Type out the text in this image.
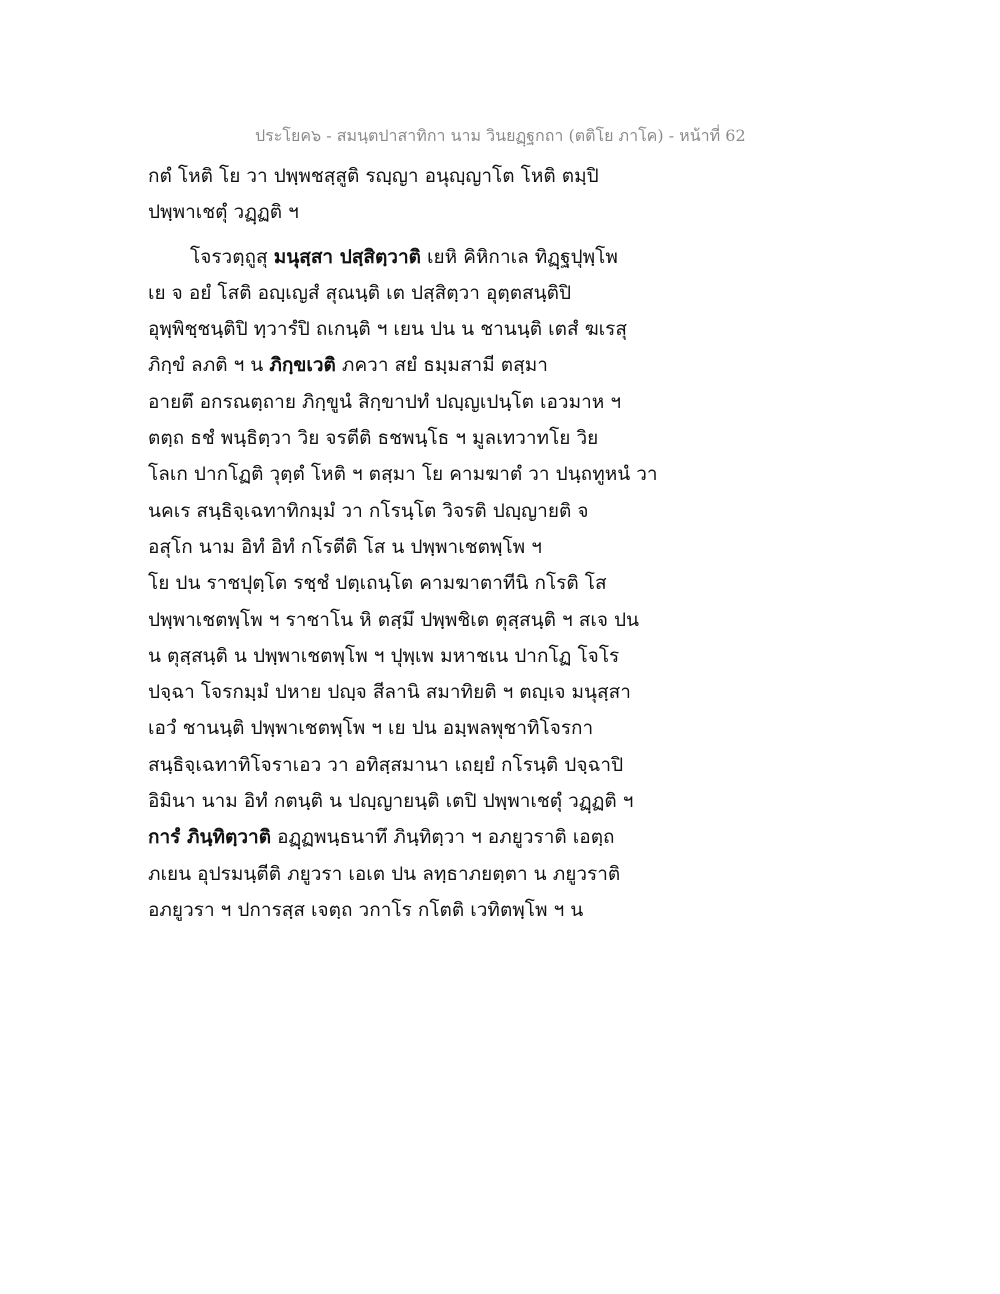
ประโยค๖ - สมนฺตปาสาทิกา นาม วินยฏฺฐกถา (ตติโย ภาโค) - หน้าที่ 62
กตํ โหติ โย วา ปพฺพชสฺสูติ รญฺญา อนุญฺญาโต โหติ ตมฺปิ
ปพฺพาเชตุํ วฏฺฏติ ฯ
โจรวตฺถูสุ มนุสฺสา ปสฺสิตฺวาติ เยหิ คิหิกาเล ทิฏฺฐปุพฺโพ
เย จ อยํ โสติ อญฺเญสํ สุณนฺติ เต ปสฺสิตฺวา อุตฺตสนฺติปิ
อุพฺพิชฺชนฺติปิ ทฺวารํปิ ถเกนฺติ ฯ เยน ปน น ชานนฺติ เตสํ ฆเรสุ
ภิกฺขํ ลภติ ฯ น ภิกฺขเวติ ภควา สยํ ธมฺมสามี ตสฺมา
อายตึ อกรณตฺถาย ภิกฺขูนํ สิกฺขาปทํ ปญฺญเปนฺโต เอวมาห ฯ
ตตฺถ ธชํ พนฺธิตฺวา วิย จรตีติ ธชพนฺโธ ฯ มูลเทวาทโย วิย
โลเก ปากโฏติ วุตฺตํ โหติ ฯ ตสฺมา โย คามฆาตํ วา ปนฺถทูหนํ วา
นคเร สนฺธิจฺเฉทาทิกมฺมํ วา กโรนฺโต วิจรติ ปญฺญายติ จ
อสุโก นาม อิทํ อิทํ กโรตีติ โส น ปพฺพาเชตพฺโพ ฯ
โย ปน ราชปุตฺโต รชฺชํ ปตฺเถนฺโต คามฆาตาทีนิ กโรติ โส
ปพฺพาเชตพฺโพ ฯ ราชาโน หิ ตสฺมึ ปพฺพชิเต ตุสฺสนฺติ ฯ สเจ ปน
น ตุสฺสนฺติ น ปพฺพาเชตพฺโพ ฯ ปุพฺเพ มหาชเน ปากโฏ โจโร
ปจฺฉา โจรกมฺมํ ปหาย ปญฺจ สีลานิ สมาทิยติ ฯ ตญฺเจ มนุสฺสา
เอวํ ชานนฺติ ปพฺพาเชตพฺโพ ฯ เย ปน อมฺพลพุชาทิโจรกา
สนฺธิจฺเฉทาทิโจราเอว วา อทิสฺสมานา เถยฺยํ กโรนฺติ ปจฺฉาปิ
อิมินา นาม อิทํ กตนฺติ น ปญฺญายนฺติ เตปิ ปพฺพาเชตุํ วฏฺฏติ ฯ
การํ ภินฺทิตฺวาติ อฏฺฏพนฺธนาทึ ภินฺทิตฺวา ฯ อภยูวราติ เอตฺถ
ภเยน อุปรมนฺตีติ ภยูวรา เอเต ปน ลทฺธาภยตฺตา น ภยูวราติ
อภยูวรา ฯ ปการสฺส เจตฺถ วกาโร กโตติ เวทิตพฺโพ ฯ น
